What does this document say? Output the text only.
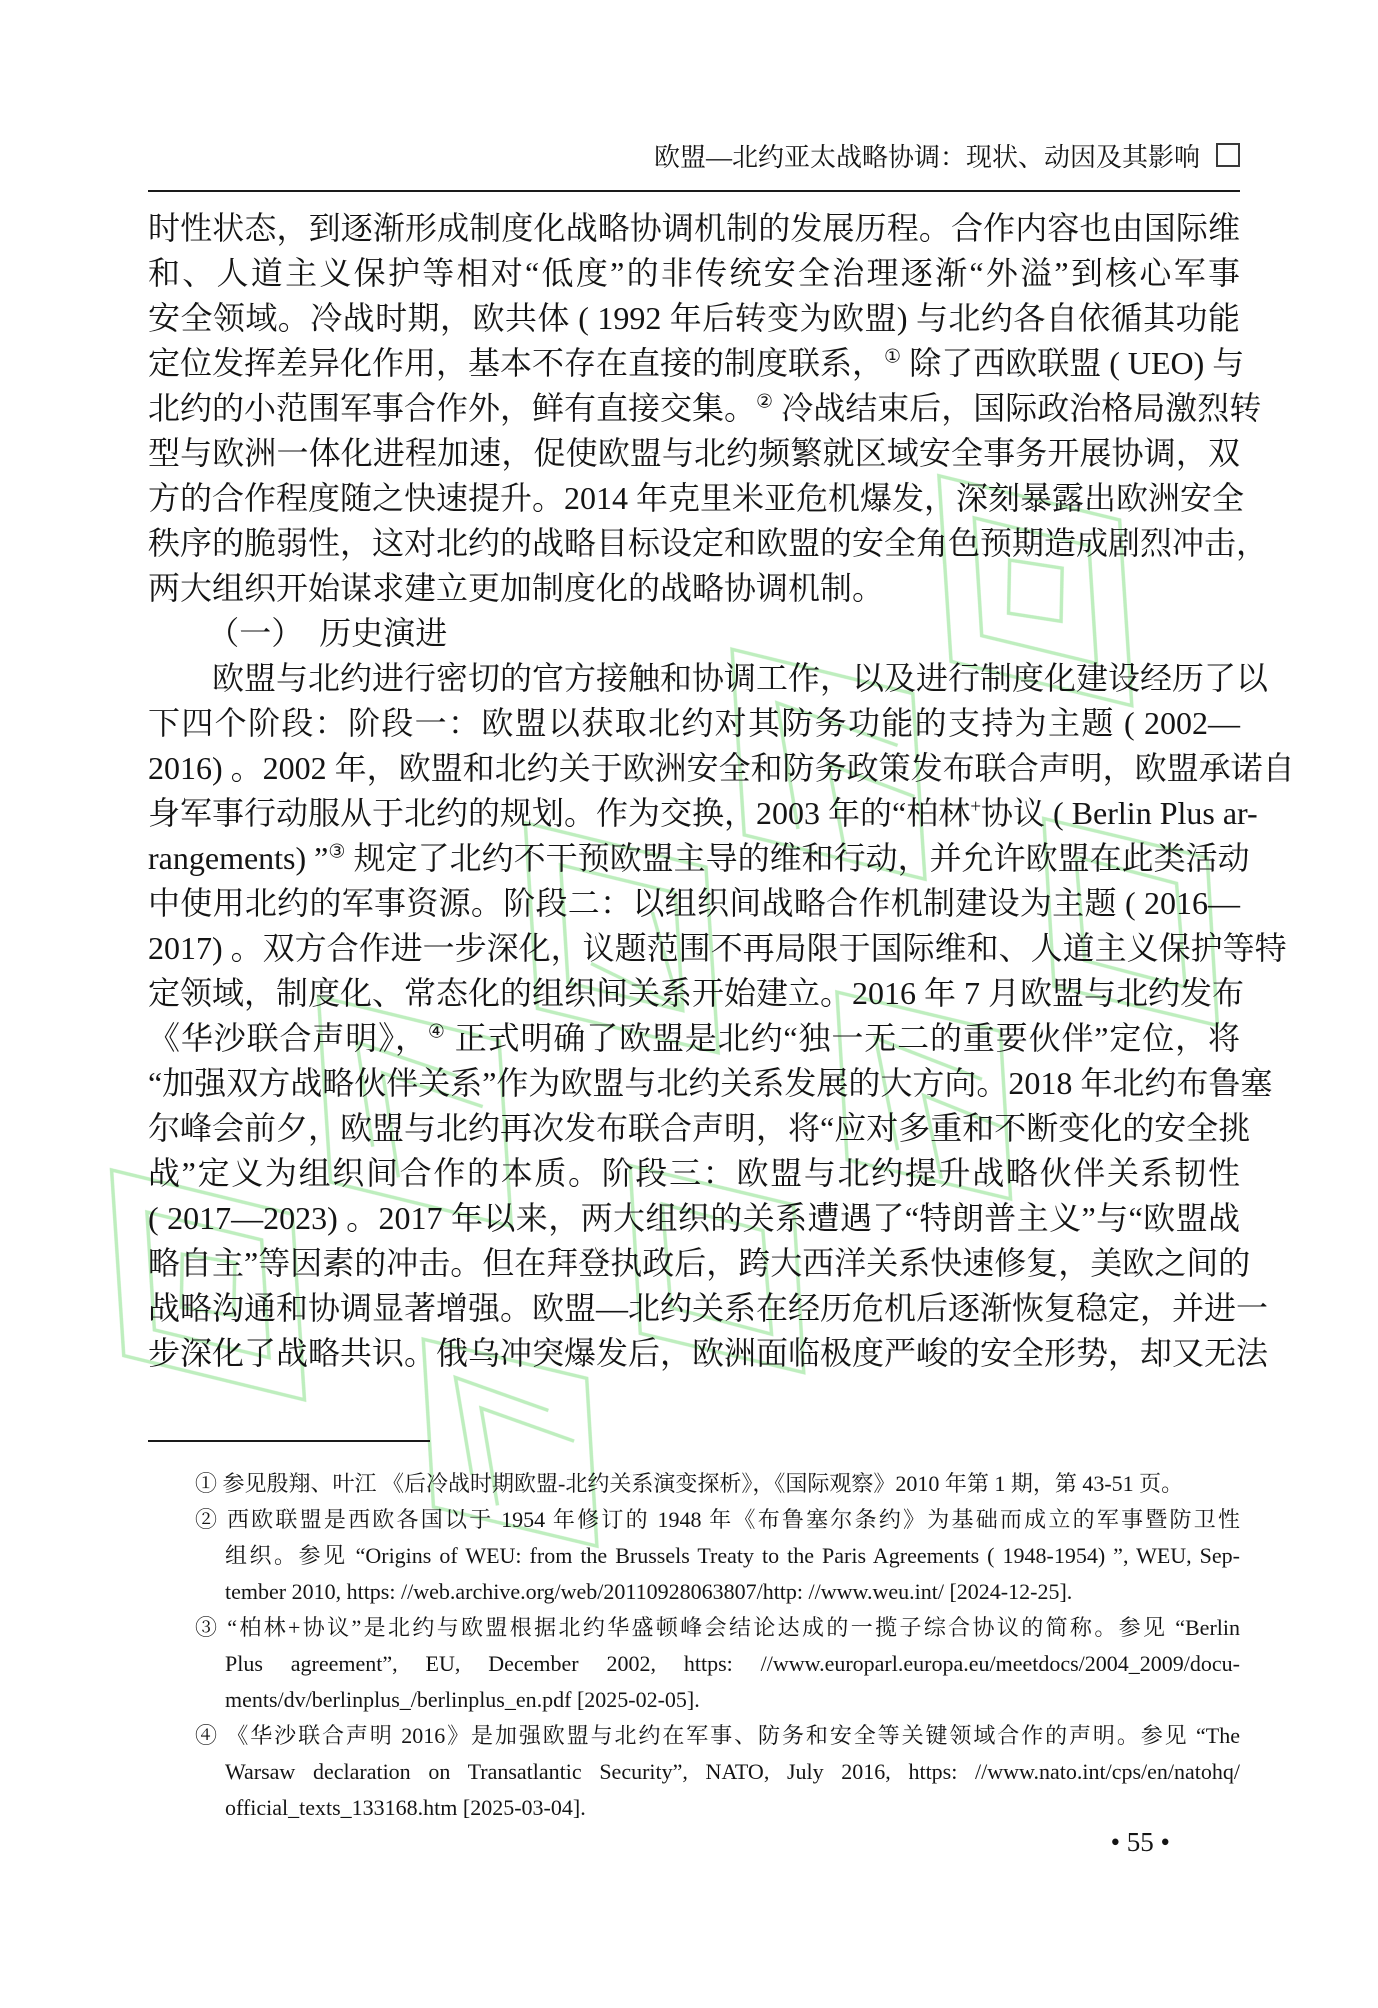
欧盟—北约亚太战略协调：现状、动因及其影响
时性状态，到逐渐形成制度化战略协调机制的发展历程。合作内容也由国际维
和、人道主义保护等相对“低度”的非传统安全治理逐渐“外溢”到核心军事
安全领域。冷战时期，欧共体 ( 1992 年后转变为欧盟) 与北约各自依循其功能
定位发挥差异化作用，基本不存在直接的制度联系，① 除了西欧联盟 ( UEO) 与
北约的小范围军事合作外，鲜有直接交集。② 冷战结束后，国际政治格局激烈转
型与欧洲一体化进程加速，促使欧盟与北约频繁就区域安全事务开展协调，双
方的合作程度随之快速提升。2014 年克里米亚危机爆发，深刻暴露出欧洲安全
秩序的脆弱性，这对北约的战略目标设定和欧盟的安全角色预期造成剧烈冲击，
两大组织开始谋求建立更加制度化的战略协调机制。
（一）　历史演进
欧盟与北约进行密切的官方接触和协调工作，以及进行制度化建设经历了以
下四个阶段：阶段一：欧盟以获取北约对其防务功能的支持为主题 ( 2002—
2016) 。2002 年，欧盟和北约关于欧洲安全和防务政策发布联合声明，欧盟承诺自
身军事行动服从于北约的规划。作为交换，2003 年的“柏林+协议 ( Berlin Plus ar-
rangements) ”③ 规定了北约不干预欧盟主导的维和行动，并允许欧盟在此类活动
中使用北约的军事资源。阶段二：以组织间战略合作机制建设为主题 ( 2016—
2017) 。双方合作进一步深化，议题范围不再局限于国际维和、人道主义保护等特
定领域，制度化、常态化的组织间关系开始建立。2016 年 7 月欧盟与北约发布
《华沙联合声明》，④ 正式明确了欧盟是北约“独一无二的重要伙伴”定位，将
“加强双方战略伙伴关系”作为欧盟与北约关系发展的大方向。2018 年北约布鲁塞
尔峰会前夕，欧盟与北约再次发布联合声明，将“应对多重和不断变化的安全挑
战”定义为组织间合作的本质。阶段三：欧盟与北约提升战略伙伴关系韧性
( 2017—2023) 。2017 年以来，两大组织的关系遭遇了“特朗普主义”与“欧盟战
略自主”等因素的冲击。但在拜登执政后，跨大西洋关系快速修复，美欧之间的
战略沟通和协调显著增强。欧盟—北约关系在经历危机后逐渐恢复稳定，并进一
步深化了战略共识。俄乌冲突爆发后，欧洲面临极度严峻的安全形势，却又无法
① 参见殷翔、叶江 《后冷战时期欧盟-北约关系演变探析》，《国际观察》2010 年第 1 期，第 43-51 页。
② 西欧联盟是西欧各国以于 1954 年修订的 1948 年《布鲁塞尔条约》为基础而成立的军事暨防卫性
组织。参见 “Origins of WEU: from the Brussels Treaty to the Paris Agreements ( 1948-1954) ”, WEU, Sep-
tember 2010, https: //web.archive.org/web/20110928063807/http: //www.weu.int/ [2024-12-25].
③ “柏林+协议”是北约与欧盟根据北约华盛顿峰会结论达成的一揽子综合协议的简称。参见 “Berlin
Plus agreement”, EU, December 2002, https: //www.europarl.europa.eu/meetdocs/2004_2009/docu-
ments/dv/berlinplus_/berlinplus_en.pdf [2025-02-05].
④ 《华沙联合声明 2016》是加强欧盟与北约在军事、防务和安全等关键领域合作的声明。参见 “The
Warsaw declaration on Transatlantic Security”, NATO, July 2016, https: //www.nato.int/cps/en/natohq/
official_texts_133168.htm [2025-03-04].
• 55 •
